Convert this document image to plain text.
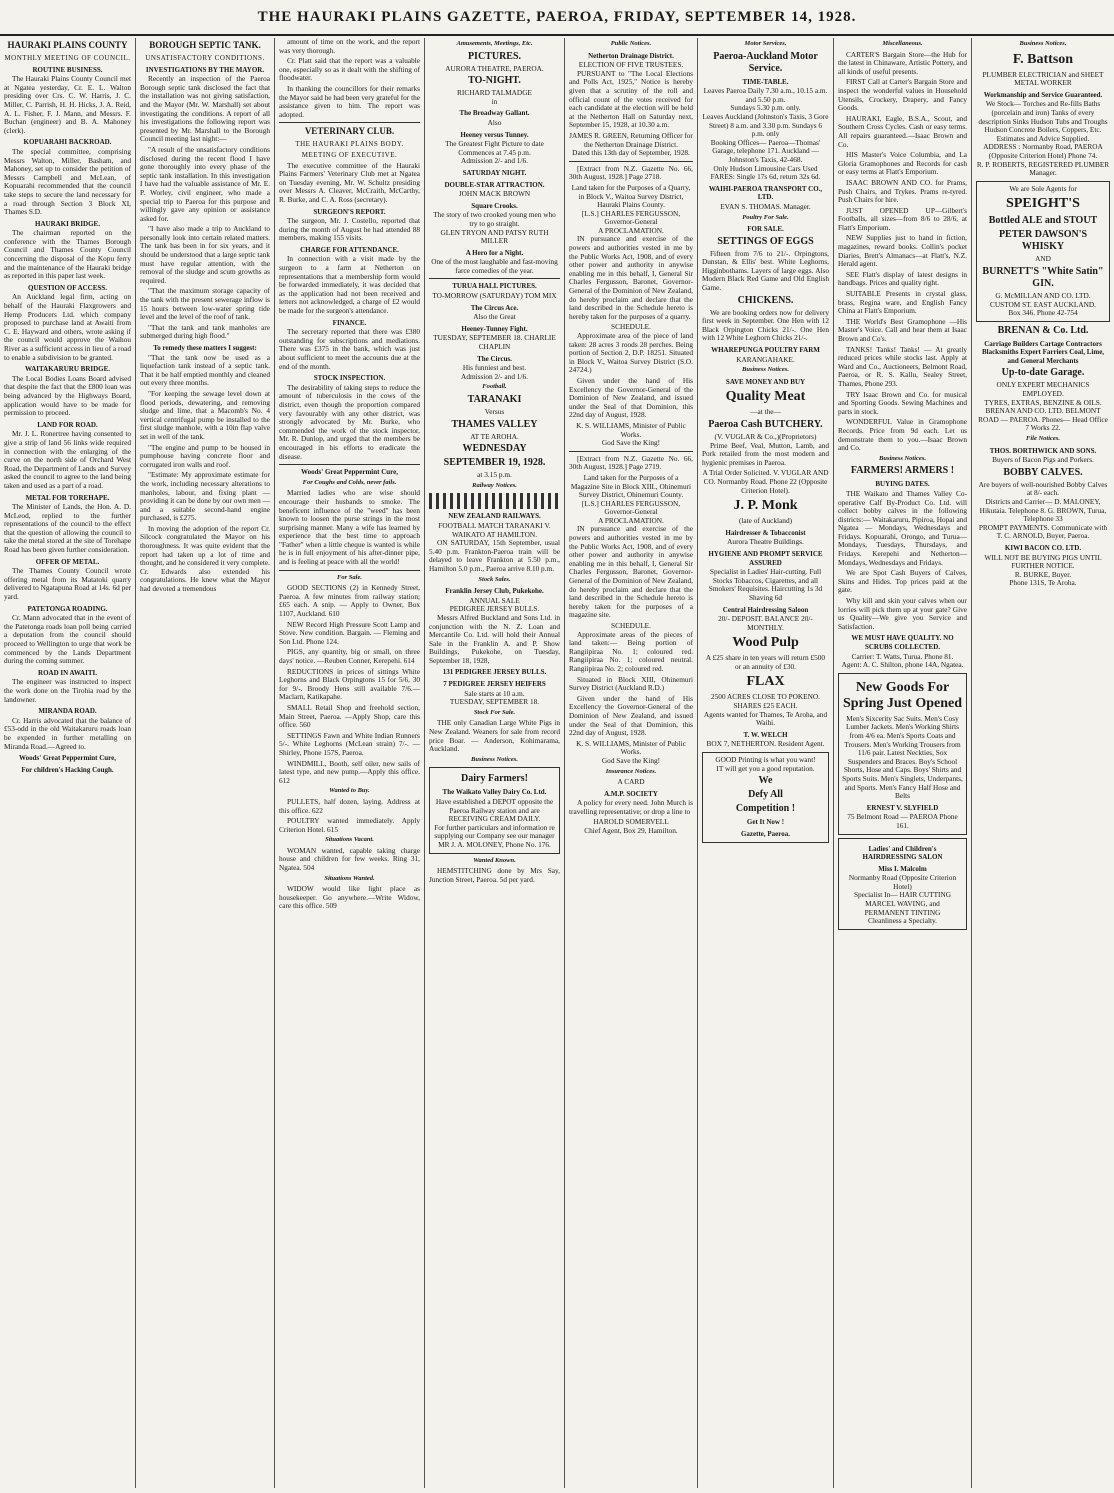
THE HAURAKI PLAINS GAZETTE, PAEROA, FRIDAY, SEPTEMBER 14, 1928.
HAURAKI PLAINS COUNTY
MONTHLY MEETING OF COUNCIL.
ROUTINE BUSINESS.

The Hauraki Plains County Council met at Ngatea yesterday, Cr. E. L. Walton presiding over Crs. C. W. Harris, J. C. Miller, C. Parrish, H. H. Hicks, J. A. Reid, A. L. Fisher, F. J. Mann, and Messrs. F. Buchan (engineer) and B. A. Mahoney (clerk).

KOPUARAHI BACKROAD.

The special committee, comprising Messrs Walton, Miller, Basham, and Mahoney, set up to consider the petition of Messrs Campbell and McLean, of Kopuarahi recommended that the council take steps to secure the land necessary for a road through Section 3 Block XI, Thames S.D.

HAURAKI BRIDGE.

The chairman reported on the conference with the Thames Borough Council and Thames County Council concerning the disposal of the Kopu ferry and the maintenance of the Hauraki bridge as reported in this paper last week.

QUESTION OF ACCESS.

An Auckland legal firm, acting on behalf of the Hauraki Flaxgrowers and Hemp Producers Ltd. which company proposed to purchase land at Awaiti from C. E. Hayward and others, wrote asking if the council would approve the Waihou River as a sufficient access in lieu of a road to enable a subdivision to be granted.

WAITAKARURU BRIDGE.

The Local Bodies Loans Board advised that despite the fact that the £800 loan was being advanced by the Highways Board, application would have to be made for permission to proceed.

LAND FOR ROAD.

Mr. J. L. Ronertree having consented to give a strip of land 56 links wide required in connection with the enlarging of the curve on the north side of Orchard West Road, the Department of Lands and Survey asked the council to agree to the land being taken and used as a part of a road.

METAL FOR TOREHAPE.

The Minister of Lands, the Hon. A. D. McLeod, replied to the further representations of the council to the effect that the question of allowing the council to take the metal stored at the site of Torehape Road has been given further consideration.

OFFER OF METAL.

The Thames County Council wrote offering metal from its Matatoki quarry delivered to Ngatapuna Road at 14s. 6d per yard.

PATETONGA ROADING.

Cr. Mann advocated that in the event of the Patetonga roads loan poll being carried a deputation from the council should proceed to Wellington to urge that work be commenced by the Lands Department during the coming summer.

ROAD IN AWAITI.

The engineer was instructed to inspect the work done on the Tirohia road by the landowner.

MIRANDA ROAD.

Cr. Harris advocated that the balance of £53-odd in the old Waitakaruru roads loan be expended in further metalling on Miranda Road.—Agreed to.

Woods' Great Peppermint Cure,
For children's Hacking Cough.
BOROUGH SEPTIC TANK.
UNSATISFACTORY CONDITIONS.
INVESTIGATIONS BY THE MAYOR.

Recently an inspection of the Paeroa Borough septic tank disclosed the fact that the installation was not giving satisfaction, and the Mayor (Mr. W. Marshall) set about investigating the conditions. A report of all his investigations the following report was presented by Mr. Marshall to the Borough Council meeting last night:—

"A result of the unsatisfactory conditions disclosed during the recent flood I have gone thoroughly into every phase of the septic tank installation. In this investigation I have had the valuable assistance of Mr. E. P. Worley, civil engineer, who made a special trip to Paeroa for this purpose and willingly gave any opinion or assistance asked for.

"I have also made a trip to Auckland to personally look into certain related matters. The tank has been in for six years, and it should be understood that a large septic tank must have regular attention, with the removal of the sludge and scum growths as required.

"That the maximum storage capacity of the tank with the present sewerage inflow is 15 hours between low-water spring tide level and the level of the roof of tank.

"That the tank and tank manholes are submerged during high flood."

To remedy these matters I suggest:

"That the tank now be used as a liquefaction tank instead of a septic tank. That it be half emptied monthly and cleaned out every three months.

"For keeping the sewage level down at flood periods, dewatering, and removing sludge and lime, that a Macomb's No. 4 vertical centrifugal pump be installed to the first sludge manhole, with a 10in flap valve set in well of the tank.

"The engine and pump to be housed in pumphouse having concrete floor and corrugated iron walls and roof.

"Estimate: My approximate estimate for the work, including necessary alterations to manholes, labour, and fixing plant — providing it can be done by our own men — and a suitable second-hand engine purchased, is £275.

In moving the adoption of the report Cr. Silcock congratulated the Mayor on his thoroughness. It was quite evident that the report had taken up a lot of time and thought, and he considered it very complete. Cr. Edwards also extended his congratulations. He knew what the Mayor had devoted a tremendous

amount of time on the work, and the report was very thorough.

Cr. Platt said that the report was a valuable one, especially so as it dealt with the shifting of floodwater.

In thanking the councillors for their remarks the Mayor said he had been very grateful for the assistance given to him. The report was adopted.

VETERINARY CLUB.
THE HAURAKI PLAINS BODY.
MEETING OF EXECUTIVE.

The executive committee of the Hauraki Plains Farmers' Veterinary Club met at Ngatea on Tuesday evening, Mr. W. Schultz presiding over Messrs A. Cleaver, McCraith, McCarthy, R. Burke, and C. A. Ross (secretary).

SURGEON'S REPORT.

The surgeon, Mr. J. Costello, reported that during the month of August he had attended 88 members, making 155 visits.

CHARGE FOR ATTENDANCE.

In connection with a visit made by the surgeon to a farm at Netherton on representations that a membership form would be forwarded immediately, it was decided that as the application had not been received and letters not acknowledged, a charge of £2 would be made for the surgeon's attendance.

FINANCE.

The secretary reported that there was £380 outstanding for subscriptions and mediations. There was £375 in the bank, which was just about sufficient to meet the accounts due at the end of the month.

STOCK INSPECTION.

The desirability of taking steps to reduce the amount of tuberculosis in the cows of the district, even though the proportion compared very favourably with any other district, was strongly advocated by Mr. Burke, who commended the work of the stock inspector, Mr. R. Dunlop, and urged that the members be encouraged in his efforts to eradicate the disease.

Woods' Great Peppermint Cure,
For Coughs and Colds, never fails.

Married ladies who are wise should encourage their husbands to smoke. The beneficent influence of the "weed" has been known to loosen the purse strings in the most surprising manner. Many a wife has learned by experience that the best time to approach "Father" when a little cheque is wanted is while he is in full enjoyment of his after-dinner pipe, and is feeling at peace with all the world!

For Sale.

GOOD SECTIONS (2) in Kennedy Street, Paeroa. A few minutes from railway station; £65 each. A snip. — Apply to Owner, Box 1107, Auckland. 610

NEW Record High Pressure Scott Lamp and Stove. New condition. Bargain. — Fleming and Son Ltd. Phone 124.

PIGS, any quantity, big or small, on three days' notice. —Reuben Conner, Kerepehi. 614

REDUCTIONS in prices of sittings White Leghorns and Black Orpingtons 15 for 5/6, 30 for 9/-. Broody Hens still available 7/6.—Maclarn, Katikapahe.

SMALL Retail Shop and freehold section, Main Street, Paeroa. —Apply Shop, care this office. 560

SETTINGS Fawn and White Indian Runners 5/-. White Leghorns (McLean strain) 7/-. —Shirley, Phone 157S, Paeroa.

WINDMILL, Booth, self oiler, new sails of latest type, and new pump.—Apply this office. 612

Wanted to Buy.

PULLETS, half dozen, laying. Address at this office. 622

POULTRY wanted immediately. Apply Criterion Hotel. 615

Situations Vacant.

WOMAN wanted, capable taking charge house and children for few weeks. Ring 31, Ngatea. 504

Situations Wanted.

WIDOW would like light place as housekeeper. Go anywhere.—Write Widow, care this office. 509

Amusements, Meetings, Etc.
PICTURES.
AURORA THEATRE, PAEROA.
TO-NIGHT.
RICHARD TALMADGE
in
The Broadway Gallant.
Also
Heeney versus Tunney.
The Greatest Fight Picture to date Commences at 7.45 p.m.
Admission 2/- and 1/6.
SATURDAY NIGHT.
DOUBLE-STAR ATTRACTION.
JOHN MACK BROWN
Square Crooks.
The story of two crooked young men who try to go straight.
GLEN TRYON AND PATSY RUTH MILLER
A Hero for a Night.
One of the most laughable and fast-moving farce comedies of the year.
TURUA HALL PICTURES.
TO-MORROW (SATURDAY) TOM MIX
The Circus Ace.
Also the Great
Heeney-Tunney Fight.
TUESDAY, SEPTEMBER 18. CHARLIE CHAPLIN
The Circus.
His funniest and best.
Admission 2/- and 1/6.
Football.
TARANAKI
Versus
THAMES VALLEY
AT TE AROHA.
WEDNESDAY
SEPTEMBER 19, 1928.
at 3.15 p.m.
Railway Notices.
NEW ZEALAND RAILWAYS.
FOOTBALL MATCH TARANAKI V. WAIKATO AT HAMILTON.

ON SATURDAY, 15th September, usual 5.40 p.m. Frankton-Paeroa train will be delayed to leave Frankton at 5.50 p.m., Hamilton 5.0 p.m., Paeroa arrive 8.10 p.m.

Stock Sales.
Franklin Jersey Club, Pukekohe.
ANNUAL SALE
PEDIGREE JERSEY BULLS.

Messrs Alfred Buckland and Sons Ltd. in conjunction with the N. Z. Loan and Mercantile Co. Ltd. will hold their Annual Sale in the Franklin A. and P. Show Buildings, Pukekohe, on Tuesday, September 18, 1928,

131 PEDIGREE JERSEY BULLS.
7 PEDIGREE JERSEY HEIFERS
Sale starts at 10 a.m.
TUESDAY, SEPTEMBER 18.
Stock For Sale.

THE only Canadian Large White Pigs in New Zealand. Weaners for sale from record price Boar. — Anderson, Kohimarama, Auckland.

Business Notices.
Dairy Farmers!
The Waikato Valley Dairy Co. Ltd.
Have established a DEPOT opposite the Paeroa Railway station and are RECEIVING CREAM DAILY.
For further particulars and information re supplying our Company see our manager
MR J. A. MOLONEY, Phone No. 176.
Wanted Known.

HEMSTITCHING done by Mrs Say, Junction Street, Paeroa. 5d per yard.

Public Notices.
Netherton Drainage District.
ELECTION OF FIVE TRUSTEES.

PURSUANT to "The Local Elections and Polls Act, 1925," Notice is hereby given that a scrutiny of the roll and official count of the votes received for each candidate at the election will be held at the Netherton Hall on Saturday next, September 15, 1928, at 10.30 a.m.

JAMES R. GREEN, Returning Officer for the Netherton Drainage District.
Dated this 13th day of September, 1928.

[Extract from N.Z. Gazette No. 66, 30th August, 1928.] Page 2718.

Land taken for the Purposes of a Quarry, in Block V., Waitoa Survey District, Hauraki Plains County.
[L.S.] CHARLES FERGUSSON, Governor-General
A PROCLAMATION.

IN pursuance and exercise of the powers and authorities vested in me by the Public Works Act, 1908, and of every other power and authority in anywise enabling me in this behalf, I, General Sir Charles Fergusson, Baronet, Governor-General of the Dominion of New Zealand, do hereby proclaim and declare that the land described in the Schedule hereto is hereby taken for the purposes of a quarry.

SCHEDULE.

Approximate area of the piece of land taken: 28 acres 3 roods 28 perches. Being portion of Section 2, D.P. 18251. Situated in Block V., Waitoa Survey District (S.O. 24724.)

Given under the hand of His Excellency the Governor-General of the Dominion of New Zealand, and issued under the Seal of that Dominion, this 22nd day of August, 1928.

K. S. WILLIAMS, Minister of Public Works.
God Save the King!

[Extract from N.Z. Gazette No. 66, 30th August, 1928.] Page 2719.

Land taken for the Purposes of a Magazine Site in Block XIII., Ohinemuri Survey District, Ohinemuri County.
[L.S.] CHARLES FERGUSSON, Governor-General
A PROCLAMATION.

IN pursuance and exercise of the powers and authorities vested in me by the Public Works Act, 1908, and of every other power and authority in anywise enabling me in this behalf, I, General Sir Charles Fergusson, Baronet, Governor-General of the Dominion of New Zealand, do hereby proclaim and declare that the land described in the Schedule hereto is hereby taken for the purposes of a magazine site.

SCHEDULE.

Approximate areas of the pieces of land taken:— Being portion of Rangiipiraa No. 1; coloured red. Rangiipiraa No. 1; coloured neutral. Rangiipiraa No. 2; coloured red.

Situated in Block XIII, Ohinemuri Survey District (Auckland R.D.)

Given under the hand of His Excellency the Governor-General of the Dominion of New Zealand, and issued under the Seal of that Dominion, this 22nd day of August, 1928.

K. S. WILLIAMS, Minister of Public Works.
God Save the King!
Insurance Notices.
A CARD
A.M.P. SOCIETY

A policy for every need. John Murch is travelling representative; or drop a line to

HAROLD SOMERVELL
Chief Agent, Box 29, Hamilton.
Motor Services.
Paeroa-Auckland Motor Service.
TIME-TABLE.
Leaves Paeroa Daily 7.30 a.m., 10.15 a.m. and 5.50 p.m.
Sundays 5.30 p.m. only.
Leaves Auckland (Johnston's Taxis, 3 Gore Street) 8 a.m. and 3.30 p.m. Sundays 6 p.m. only
Booking Offices— Paeroa—Thomas' Garage, telephone 171. Auckland — Johnston's Taxis, 42-468.
Only Hudson Limousine Cars Used
FARES: Single 17s 6d, return 32s 6d.
WAIHI-PAEROA TRANSPORT CO., LTD.
EVAN S. THOMAS. Manager.
Poultry For Sale.
FOR SALE.
SETTINGS OF EGGS

Fifteen from 7/6 to 21/-. Orpingtons, Dunstan, & Ellis' best. White Leghorns, Higginbothams. Layers of large eggs. Also Modern Black Red Game and Old English Game.

CHICKENS.

We are booking orders now for delivery first week in September. One Hen with 12 Black Orpington Chicks 21/-. One Hen with 12 White Leghorn Chicks 21/-.

WHAREPUNGA POULTRY FARM
KARANGAHAKE.
Business Notices.
SAVE MONEY AND BUY
Quality Meat
—at the—
Paeroa Cash BUTCHERY.
(V. VUGLAR & Co.,)(Proprietors)

Prime Beef, Veal, Mutton, Lamb, and Pork retailed from the most modern and hygienic premises in Paeroa.

A Trial Order Solicited. V. VUGLAR AND CO. Normanby Road. Phone 22 (Opposite Criterion Hotel).
J. P. Monk
(late of Auckland)
Hairdresser & Tobacconist
Aurora Theatre Buildings.
HYGIENE AND PROMPT SERVICE ASSURED
Specialist in Ladies' Hair-cutting. Full Stocks Tobaccos, Cigarettes, and all Smokers' Requisites. Haircutting 1s 3d Shaving 6d
Central Hairdressing Saloon
20/- DEPOSIT. BALANCE 20/- MONTHLY.
Wood Pulp
A £25 share in ten years will return £500 or an annuity of £30.
FLAX
2500 ACRES CLOSE TO POKENO.
SHARES £25 EACH.
Agents wanted for Thames, Te Aroha, and Waihi.
T. W. WELCH
BOX 7, NETHERTON. Resident Agent.
GOOD Printing is what you want!
IT will get you a good reputation.
We
Defy All
Competition !
Get It Now !
Gazette, Paeroa.
Miscellaneous.

CARTER'S Bargain Store—the Hub for the latest in Chinaware, Artistic Pottery, and all kinds of useful presents.

FIRST Call at Carter's Bargain Store and inspect the wonderful values in Household Utensils, Crockery, Drapery, and Fancy Goods.

HAURAKI, Eagle, B.S.A., Scout, and Southern Cross Cycles. Cash or easy terms. All repairs guaranteed.—Isaac Brown and Co.

HIS Master's Voice Columbia, and La Gloria Gramophones and Records for cash or easy terms at Flatt's Emporium.

ISAAC BROWN AND CO. for Prams, Push Chairs, and Trykes. Prams re-tyred. Push Chairs for hire.

JUST OPENED UP—Gilbert's Footballs, all sizes—from 8/6 to 28/6, at Flatt's Emporium.

NEW Supplies just to hand in fiction, magazines, reward books. Collin's pocket Diaries, Brett's Almanacs—at Flatt's, N.Z. Herald agent.

SEE Flatt's display of latest designs in handbags. Prices and quality right.

SUITABLE Presents in crystal glass, brass, Regina ware, and English Fancy China at Flatt's Emporium.

THE World's Best Gramophone —His Master's Voice. Call and hear them at Isaac Brown and Co's.

TANKS! Tanks! Tanks! — At greatly reduced prices while stocks last. Apply at Ward and Co., Auctioneers, Belmont Road, Paeroa, or R. S. Kallu, Sealey Street, Thames, Phone 293.

TRY Isaac Brown and Co. for musical and Sporting Goods. Sewing Machines and parts in stock.

WONDERFUL Value in Gramophone Records. Price from 9d each. Let us demonstrate them to you.—Isaac Brown and Co.

Business Notices.
FARMERS! ARMERS !
BUYING DATES.

THE Waikato and Thames Valley Co-operative Calf By-Product Co. Ltd. will collect bobby calves in the following districts:— Waitakaruru, Pipiroa, Hopai and Ngatea — Mondays, Wednesdays and Fridays. Kopuarahi, Orongo, and Turua—Mondays, Tuesdays, Thursdays, and Fridays. Kerepehi and Netherton—Mondays, Wednesdays and Fridays.

We are Spot Cash Buyers of Calves, Skins and Hides. Top prices paid at the gate.

Why kill and skin your calves when our lorries will pick them up at your gate? Give us Quality—We give you Service and Satisfaction.

WE MUST HAVE QUALITY. NO SCRUBS COLLECTED.
Carrier: T. Watts, Turua. Phone 81.
Agent: A. C. Shilton, phone 14A, Ngatea.
New Goods For Spring Just Opened
Men's Sixcerity Sac Suits. Men's Cosy Lumber Jackets. Men's Working Shirts from 4/6 ea. Men's Sports Coats and Trousers. Men's Working Trousers from 11/6 pair. Latest Neckties, Sox Suspenders and Braces. Boy's School Shorts, Hose and Caps. Boys' Shirts and Sports Suits. Men's Singlets, Underpants, and Sports. Men's Fancy Half Hose and Belts
ERNEST V. SLYFIELD
75 Belmont Road — PAEROA Phone 161.
Ladies' and Children's HAIRDRESSING SALON
Miss I. Malcolm
Normanby Road (Opposite Criterion Hotel)
Specialist In— HAIR CUTTING MARCEL WAVING, and PERMANENT TINTING
Cleanliness a Specialty.
Business Notices.
F. Battson
PLUMBER ELECTRICIAN and SHEET METAL WORKER
Workmanship and Service Guaranteed.
We Stock— Torches and Re-fills Baths (porcelain and iron) Tanks of every description Sinks Hudson Tubs and Troughs Hudson Concrete Boilers, Coppers, Etc.
Estimates and Advice Supplied.
ADDRESS : Normanby Road, PAEROA (Opposite Criterion Hotel) Phone 74.
R. P. ROBERTS, REGISTERED PLUMBER Manager.
We are Sole Agents for
SPEIGHT'S
Bottled ALE and STOUT
PETER DAWSON'S WHISKY
AND
BURNETT'S "White Satin" GIN.
G. McMILLAN AND CO. LTD.
CUSTOM ST. EAST AUCKLAND.
Box 346. Phone 42-754
BRENAN & Co. Ltd.
Carriage Builders Cartage Contractors Blacksmiths Expert Farriers Coal, Lime, and General Merchants
Up-to-date Garage.
ONLY EXPERT MECHANICS EMPLOYED.
TYRES, EXTRAS, BENZINE & OILS.
BRENAN AND CO. LTD. BELMONT ROAD — PAEROA. Phones— Head Office 7 Works 22.
File Notices.
THOS. BORTHWICK AND SONS.
Buyers of Bacon Pigs and Porkers.
BOBBY CALVES.
Are buyers of well-nourished Bobby Calves at 8/- each.
Districts and Carrier— D. MALONEY, Hikutaia. Telephone 8. G. BROWN, Turua, Telephone 33
PROMPT PAYMENTS. Communicate with T. C. ARNOLD, Buyer, Paeroa.
KIWI BACON CO. LTD.
WILL NOT BE BUYING PIGS UNTIL FURTHER NOTICE.
R. BURKE, Buyer.
Phone 131S, Te Aroha.
